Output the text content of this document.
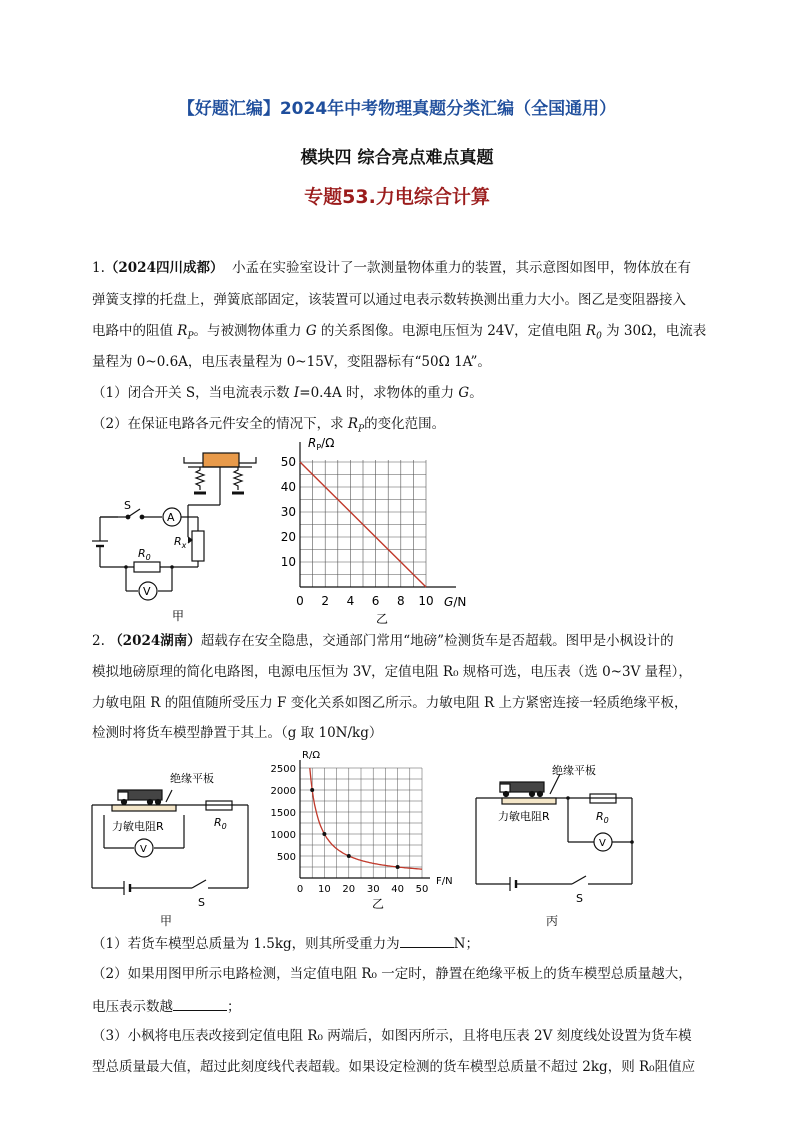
【好题汇编】2024年中考物理真题分类汇编（全国通用）
模块四 综合亮点难点真题
专题53.力电综合计算
1.（2024四川成都） 小孟在实验室设计了一款测量物体重力的装置，其示意图如图甲，物体放在有
弹簧支撑的托盘上，弹簧底部固定，该装置可以通过电表示数转换测出重力大小。图乙是变阻器接入
电路中的阻值 $R_P$。与被测物体重力 G 的关系图像。电源电压恒为 24V，定值电阻 $R_0$ 为 30Ω，电流表
量程为 0~0.6A，电压表量程为 0~15V，变阻器标有“50Ω 1A”。
（1）闭合开关 S，当电流表示数 I=0.4A 时，求物体的重力 G。
（2）在保证电路各元件安全的情况下，求 $R_P$的变化范围。
S
A
V
$R_x$
$R_0$
甲
0 2 4 6 8 10
10
20
30
40
50
$R_P/\Omega$
G/N
乙
2. （2024湖南）超载存在安全隐患，交通部门常用“地磅”检测货车是否超载。图甲是小枫设计的
模拟地磅原理的简化电路图，电源电压恒为 3V，定值电阻 R₀ 规格可选，电压表（选 0~3V 量程），
力敏电阻 R 的阻值随所受压力 F 变化关系如图乙所示。力敏电阻 R 上方紧密连接一轻质绝缘平板，
检测时将货车模型静置于其上。（g 取 10N/kg）
绝缘平板
力敏电阻R	$R_0$
V
S
甲
0 10 20 30 40 50
500
1000
1500
2000
2500
R/Ω
F/N
乙
绝缘平板
力敏电阻R	$R_0$
V
S
丙
（1）若货车模型总质量为 1.5kg，则其所受重力为	N；
（2）如果用图甲所示电路检测，当定值电阻 R₀ 一定时，静置在绝缘平板上的货车模型总质量越大，
电压表示数越	；
（3）小枫将电压表改接到定值电阻 R₀ 两端后，如图丙所示，且将电压表 2V 刻度线处设置为货车模
型总质量最大值，超过此刻度线代表超载。如果设定检测的货车模型总质量不超过 2kg，则 R₀阻值应
